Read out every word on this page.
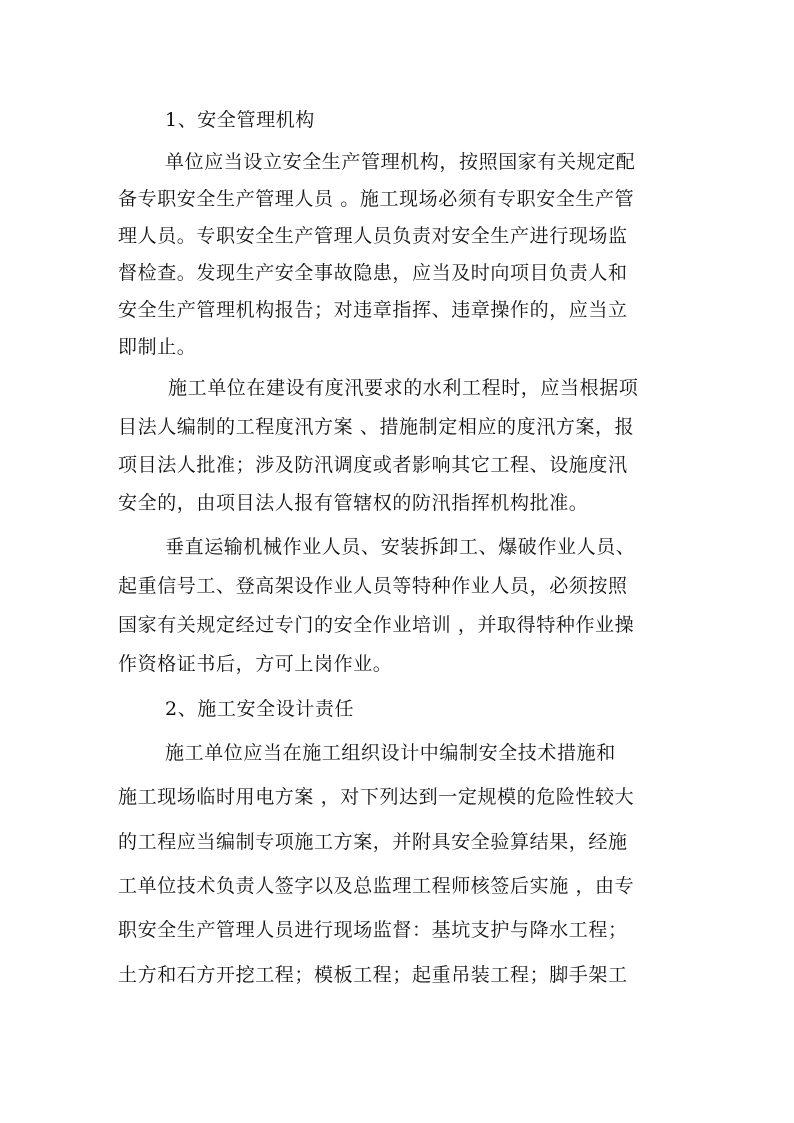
1、安全管理机构
单位应当设立安全生产管理机构，按照国家有关规定配
备专职安全生产管理人员 。施工现场必须有专职安全生产管
理人员。专职安全生产管理人员负责对安全生产进行现场监
督检查。发现生产安全事故隐患，应当及时向项目负责人和
安全生产管理机构报告；对违章指挥、违章操作的，应当立
即制止。
施工单位在建设有度汛要求的水利工程时，应当根据项
目法人编制的工程度汛方案 、措施制定相应的度汛方案，报
项目法人批准；涉及防汛调度或者影响其它工程、设施度汛
安全的，由项目法人报有管辖权的防汛指挥机构批准。
垂直运输机械作业人员、安装拆卸工、爆破作业人员、
起重信号工、登高架设作业人员等特种作业人员，必须按照
国家有关规定经过专门的安全作业培训 ，并取得特种作业操
作资格证书后，方可上岗作业。
2、施工安全设计责任
施工单位应当在施工组织设计中编制安全技术措施和
施工现场临时用电方案 ，对下列达到一定规模的危险性较大
的工程应当编制专项施工方案，并附具安全验算结果，经施
工单位技术负责人签字以及总监理工程师核签后实施 ，由专
职安全生产管理人员进行现场监督：基坑支护与降水工程；
土方和石方开挖工程；模板工程；起重吊装工程；脚手架工
